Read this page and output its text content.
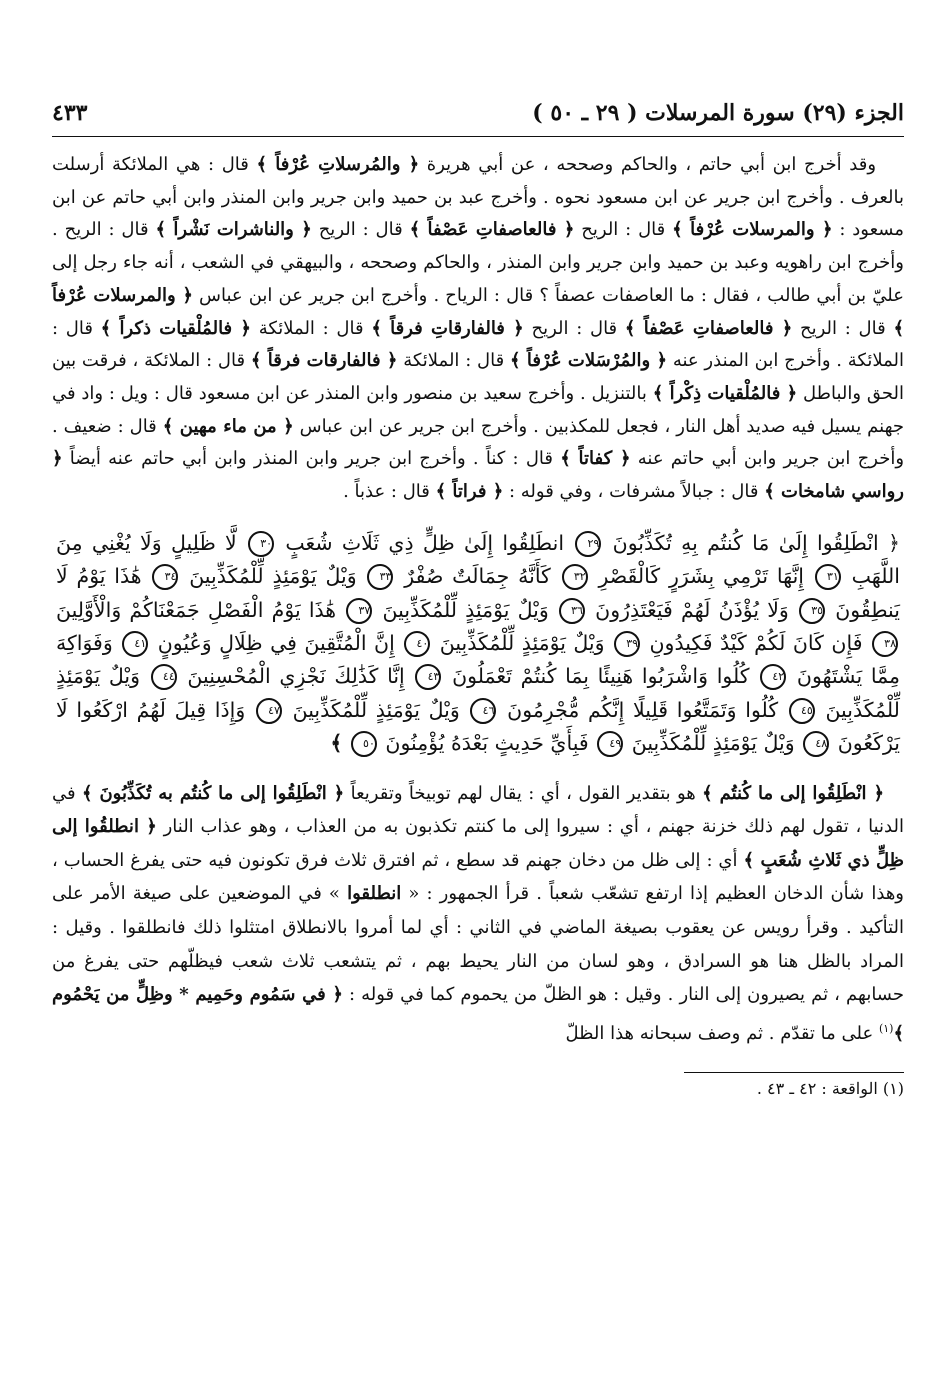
الجزء (٢٩) سورة المرسلات ( ٢٩ ـ ٥٠ )
٤٣٣

وقد أخرج ابن أبي حاتم ، والحاكم وصححه ، عن أبي هريرة ﴿ والمُرسلاتِ عُرْفاً ﴾ قال : هي الملائكة أرسلت بالعرف . وأخرج ابن جرير عن ابن مسعود نحوه . وأخرج عبد بن حميد وابن جرير وابن المنذر وابن أبي حاتم عن ابن مسعود : ﴿ والمرسلات عُرْفاً ﴾ قال : الريح ﴿ فالعاصفاتِ عَصْفاً ﴾ قال : الريح ﴿ والناشرات نَشْراً ﴾ قال : الريح . وأخرج ابن راهويه وعبد بن حميد وابن جرير وابن المنذر ، والحاكم وصححه ، والبيهقي في الشعب ، أنه جاء رجل إلى عليّ بن أبي طالب ، فقال : ما العاصفات عصفاً ؟ قال : الرياح . وأخرج ابن جرير عن ابن عباس ﴿ والمرسلات عُرْفاً ﴾ قال : الريح ﴿ فالعاصفاتِ عَصْفاً ﴾ قال : الريح ﴿ فالفارقاتِ فرقاً ﴾ قال : الملائكة ﴿ فالمُلْقيات ذكراً ﴾ قال : الملائكة . وأخرج ابن المنذر عنه ﴿ والمُرْسَلات عُرْفاً ﴾ قال : الملائكة ﴿ فالفارقات فرقاً ﴾ قال : الملائكة ، فرقت بين الحق والباطل ﴿ فالمُلْقيات ذِكْراً ﴾ بالتنزيل . وأخرج سعيد بن منصور وابن المنذر عن ابن مسعود قال : ويل : واد في جهنم يسيل فيه صديد أهل النار ، فجعل للمكذبين . وأخرج ابن جرير عن ابن عباس ﴿ من ماء مهين ﴾ قال : ضعيف . وأخرج ابن جرير وابن أبي حاتم عنه ﴿ كفاتاً ﴾ قال : كناً . وأخرج ابن جرير وابن المنذر وابن أبي حاتم عنه أيضاً ﴿ رواسي شامخات ﴾ قال : جبالاً مشرفات ، وفي قوله : ﴿ فراتاً ﴾ قال : عذباً .

﴿ انْطَلِقُوا إِلَىٰ مَا كُنتُم بِهِ تُكَذِّبُونَ ٢٩ انطَلِقُوا إِلَىٰ ظِلٍّ ذِي ثَلَاثِ شُعَبٍ ٣٠ لَّا ظَلِيلٍ وَلَا يُغْنِي مِنَ اللَّهَبِ ٣١ إِنَّهَا تَرْمِي بِشَرَرٍ كَالْقَصْرِ ٣٢ كَأَنَّهُ جِمَالَتٌ صُفْرٌ ٣٣ وَيْلٌ يَوْمَئِذٍ لِّلْمُكَذِّبِينَ ٣٤ هَٰذَا يَوْمُ لَا يَنطِقُونَ ٣٥ وَلَا يُؤْذَنُ لَهُمْ فَيَعْتَذِرُونَ ٣٦ وَيْلٌ يَوْمَئِذٍ لِّلْمُكَذِّبِينَ ٣٧ هَٰذَا يَوْمُ الْفَصْلِ جَمَعْنَاكُمْ وَالْأَوَّلِينَ ٣٨ فَإِن كَانَ لَكُمْ كَيْدٌ فَكِيدُونِ ٣٩ وَيْلٌ يَوْمَئِذٍ لِّلْمُكَذِّبِينَ ٤٠ إِنَّ الْمُتَّقِينَ فِي ظِلَالٍ وَعُيُونٍ ٤١ وَفَوَاكِهَ مِمَّا يَشْتَهُونَ ٤٢ كُلُوا وَاشْرَبُوا هَنِيئًا بِمَا كُنتُمْ تَعْمَلُونَ ٤٣ إِنَّا كَذَٰلِكَ نَجْزِي الْمُحْسِنِينَ ٤٤ وَيْلٌ يَوْمَئِذٍ لِّلْمُكَذِّبِينَ ٤٥ كُلُوا وَتَمَتَّعُوا قَلِيلًا إِنَّكُم مُّجْرِمُونَ ٤٦ وَيْلٌ يَوْمَئِذٍ لِّلْمُكَذِّبِينَ ٤٧ وَإِذَا قِيلَ لَهُمُ ارْكَعُوا لَا يَرْكَعُونَ ٤٨ وَيْلٌ يَوْمَئِذٍ لِّلْمُكَذِّبِينَ ٤٩ فَبِأَيِّ حَدِيثٍ بَعْدَهُ يُؤْمِنُونَ ٥٠ ﴾

﴿ انْطَلِقُوا إلى ما كُنتُم ﴾ هو بتقدير القول ، أي : يقال لهم توبيخاً وتقريعاً ﴿ انْطَلِقُوا إلى ما كُنتُم به تُكَذِّبُونَ ﴾ في الدنيا ، تقول لهم ذلك خزنة جهنم ، أي : سيروا إلى ما كنتم تكذبون به من العذاب ، وهو عذاب النار ﴿ انطلقُوا إلى ظِلٍّ ذي ثَلاثِ شُعَبٍ ﴾ أي : إلى ظل من دخان جهنم قد سطع ، ثم افترق ثلاث فرق تكونون فيه حتى يفرغ الحساب ، وهذا شأن الدخان العظيم إذا ارتفع تشعّب شعباً . قرأ الجمهور : « انطلقوا » في الموضعين على صيغة الأمر على التأكيد . وقرأ رويس عن يعقوب بصيغة الماضي في الثاني : أي لما أمروا بالانطلاق امتثلوا ذلك فانطلقوا . وقيل : المراد بالظل هنا هو السرادق ، وهو لسان من النار يحيط بهم ، ثم يتشعب ثلاث شعب فيظلّهم حتى يفرغ من حسابهم ، ثم يصيرون إلى النار . وقيل : هو الظلّ من يحموم كما في قوله : ﴿ في سَمُوم وحَمِيم * وظِلٍّ من يَحْمُوم ﴾$^{(١)}$ على ما تقدّم . ثم وصف سبحانه هذا الظلّ

(١) الواقعة : ٤٢ ـ ٤٣ .
